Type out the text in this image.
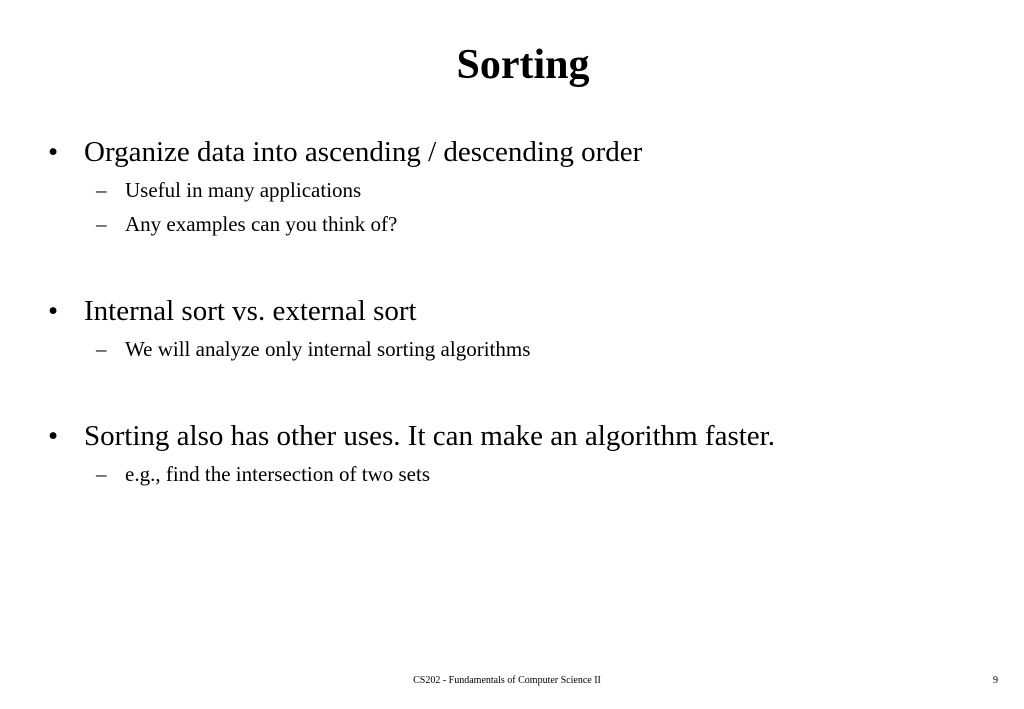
Sorting
• Organize data into ascending / descending order
– Useful in many applications
– Any examples can you think of?
• Internal sort vs. external sort
– We will analyze only internal sorting algorithms
• Sorting also has other uses. It can make an algorithm faster.
– e.g., find the intersection of two sets
CS202 - Fundamentals of Computer Science II	9
